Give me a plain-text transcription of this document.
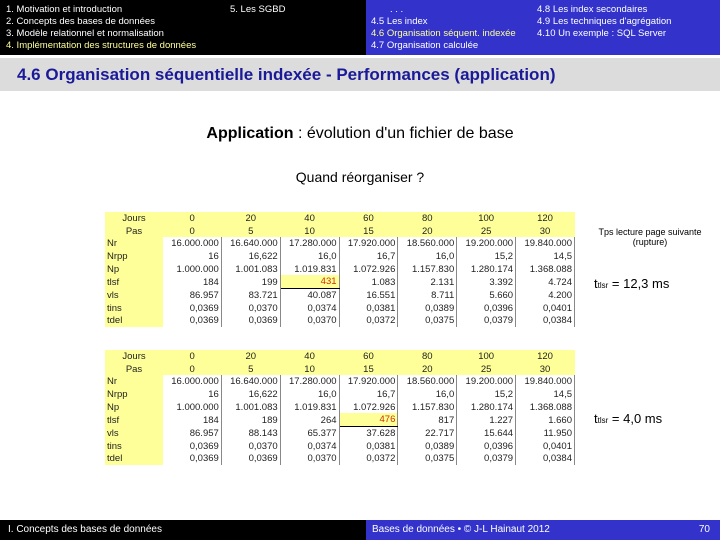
1. Motivation et introduction
2. Concepts des bases de données
3. Modèle relationnel et normalisation
4. Implémentation des structures de données
5. Les SGBD	. . .
4.5 Les index
4.6 Organisation séquent. indexée
4.7 Organisation calculée
4.8 Les index secondaires
4.9 Les techniques d'agrégation
4.10 Un exemple : SQL Server
4.6 Organisation séquentielle indexée - Performances (application)
Application : évolution d'un fichier de base
Quand réorganiser ?
Jours	0	20	40	60	80	100	120
Pas	0	5	10	15	20	25	30
Nr	16.000.000	16.640.000	17.280.000	17.920.000	18.560.000	19.200.000	19.840.000
Nrpp	16	16,622	16,0	16,7	16,0	15,2	14,5
Np	1.000.000	1.001.083	1.019.831	1.072.926	1.157.830	1.280.174	1.368.088
tlsf	184	199	431	1.083	2.131	3.392	4.724
vls	86.957	83.721	40.087	16.551	8.711	5.660	4.200
tins	0,0369	0,0370	0,0374	0,0381	0,0389	0,0396	0,0401
tdel	0,0369	0,0369	0,0370	0,0372	0,0375	0,0379	0,0384
Jours	0	20	40	60	80	100	120
Pas	0	5	10	15	20	25	30
Nr	16.000.000	16.640.000	17.280.000	17.920.000	18.560.000	19.200.000	19.840.000
Nrpp	16	16,622	16,0	16,7	16,0	15,2	14,5
Np	1.000.000	1.001.083	1.019.831	1.072.926	1.157.830	1.280.174	1.368.088
tlsf	184	189	264	476	817	1.227	1.660
vls	86.957	88.143	65.377	37.628	22.717	15.644	11.950
tins	0,0369	0,0370	0,0374	0,0381	0,0389	0,0396	0,0401
tdel	0,0369	0,0369	0,0370	0,0372	0,0375	0,0379	0,0384
Tps lecture page suivante (rupture)
ttlsr = 12,3 ms
ttlsr = 4,0 ms
I. Concepts des bases de données	Bases de données • © J-L Hainaut 2012	70
